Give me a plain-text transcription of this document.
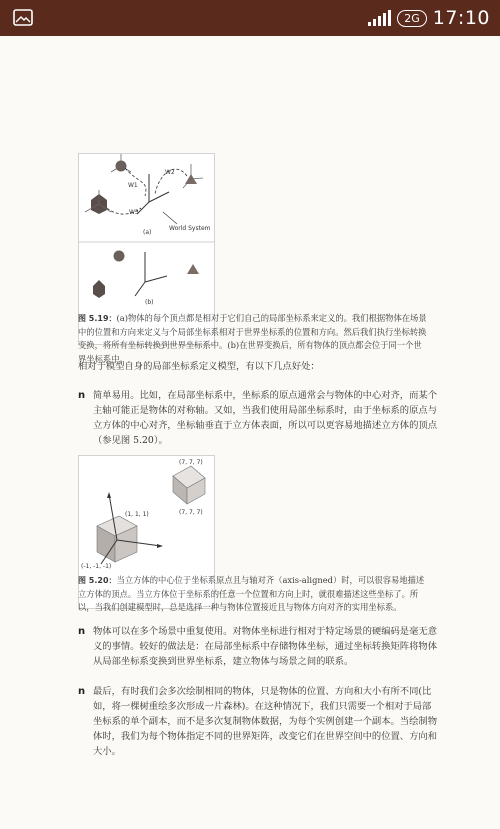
2G 17:10
W1
W2
W3
World System
(a)
(b)
图 5.19：(a)物体的每个顶点都是相对于它们自己的局部坐标系来定义的。我们根据物体在场景中的位置和方向来定义与个局部坐标系相对于世界坐标系的位置和方向。然后我们执行坐标转换变换，将所有坐标转换到世界坐标系中。(b)在世界变换后，所有物体的顶点都会位于同一个世界坐标系中。
相对于模型自身的局部坐标系定义模型，有以下几点好处：
n 简单易用。比如，在局部坐标系中，坐标系的原点通常会与物体的中心对齐，而某个主轴可能正是物体的对称轴。又如，当我们使用局部坐标系时，由于坐标系的原点与立方体的中心对齐，坐标轴垂直于立方体表面，所以可以更容易地描述立方体的顶点（参见图 5.20）。
(7, 7, 7)
(7, 7, 7)
(1, 1, 1)
(-1, -1, -1)
图 5.20：当立方体的中心位于坐标系原点且与轴对齐（axis-aligned）时，可以很容易地描述立方体的顶点。当立方体位于坐标系的任意一个位置和方向上时，就很难描述这些坐标了。所以，当我们创建模型时，总是选择一种与物体位置接近且与物体方向对齐的实用坐标系。
n 物体可以在多个场景中重复使用。对物体坐标进行相对于特定场景的硬编码是毫无意义的事情。较好的做法是：在局部坐标系中存储物体坐标，通过坐标转换矩阵将物体从局部坐标系变换到世界坐标系，建立物体与场景之间的联系。
n 最后，有时我们会多次绘制相同的物体，只是物体的位置、方向和大小有所不同(比如，将一棵树重绘多次形成一片森林)。在这种情况下，我们只需要一个相对于局部坐标系的单个副本，而不是多次复制物体数据，为每个实例创建一个副本。当绘制物体时，我们为每个物体指定不同的世界矩阵，改变它们在世界空间中的位置、方向和大小。
